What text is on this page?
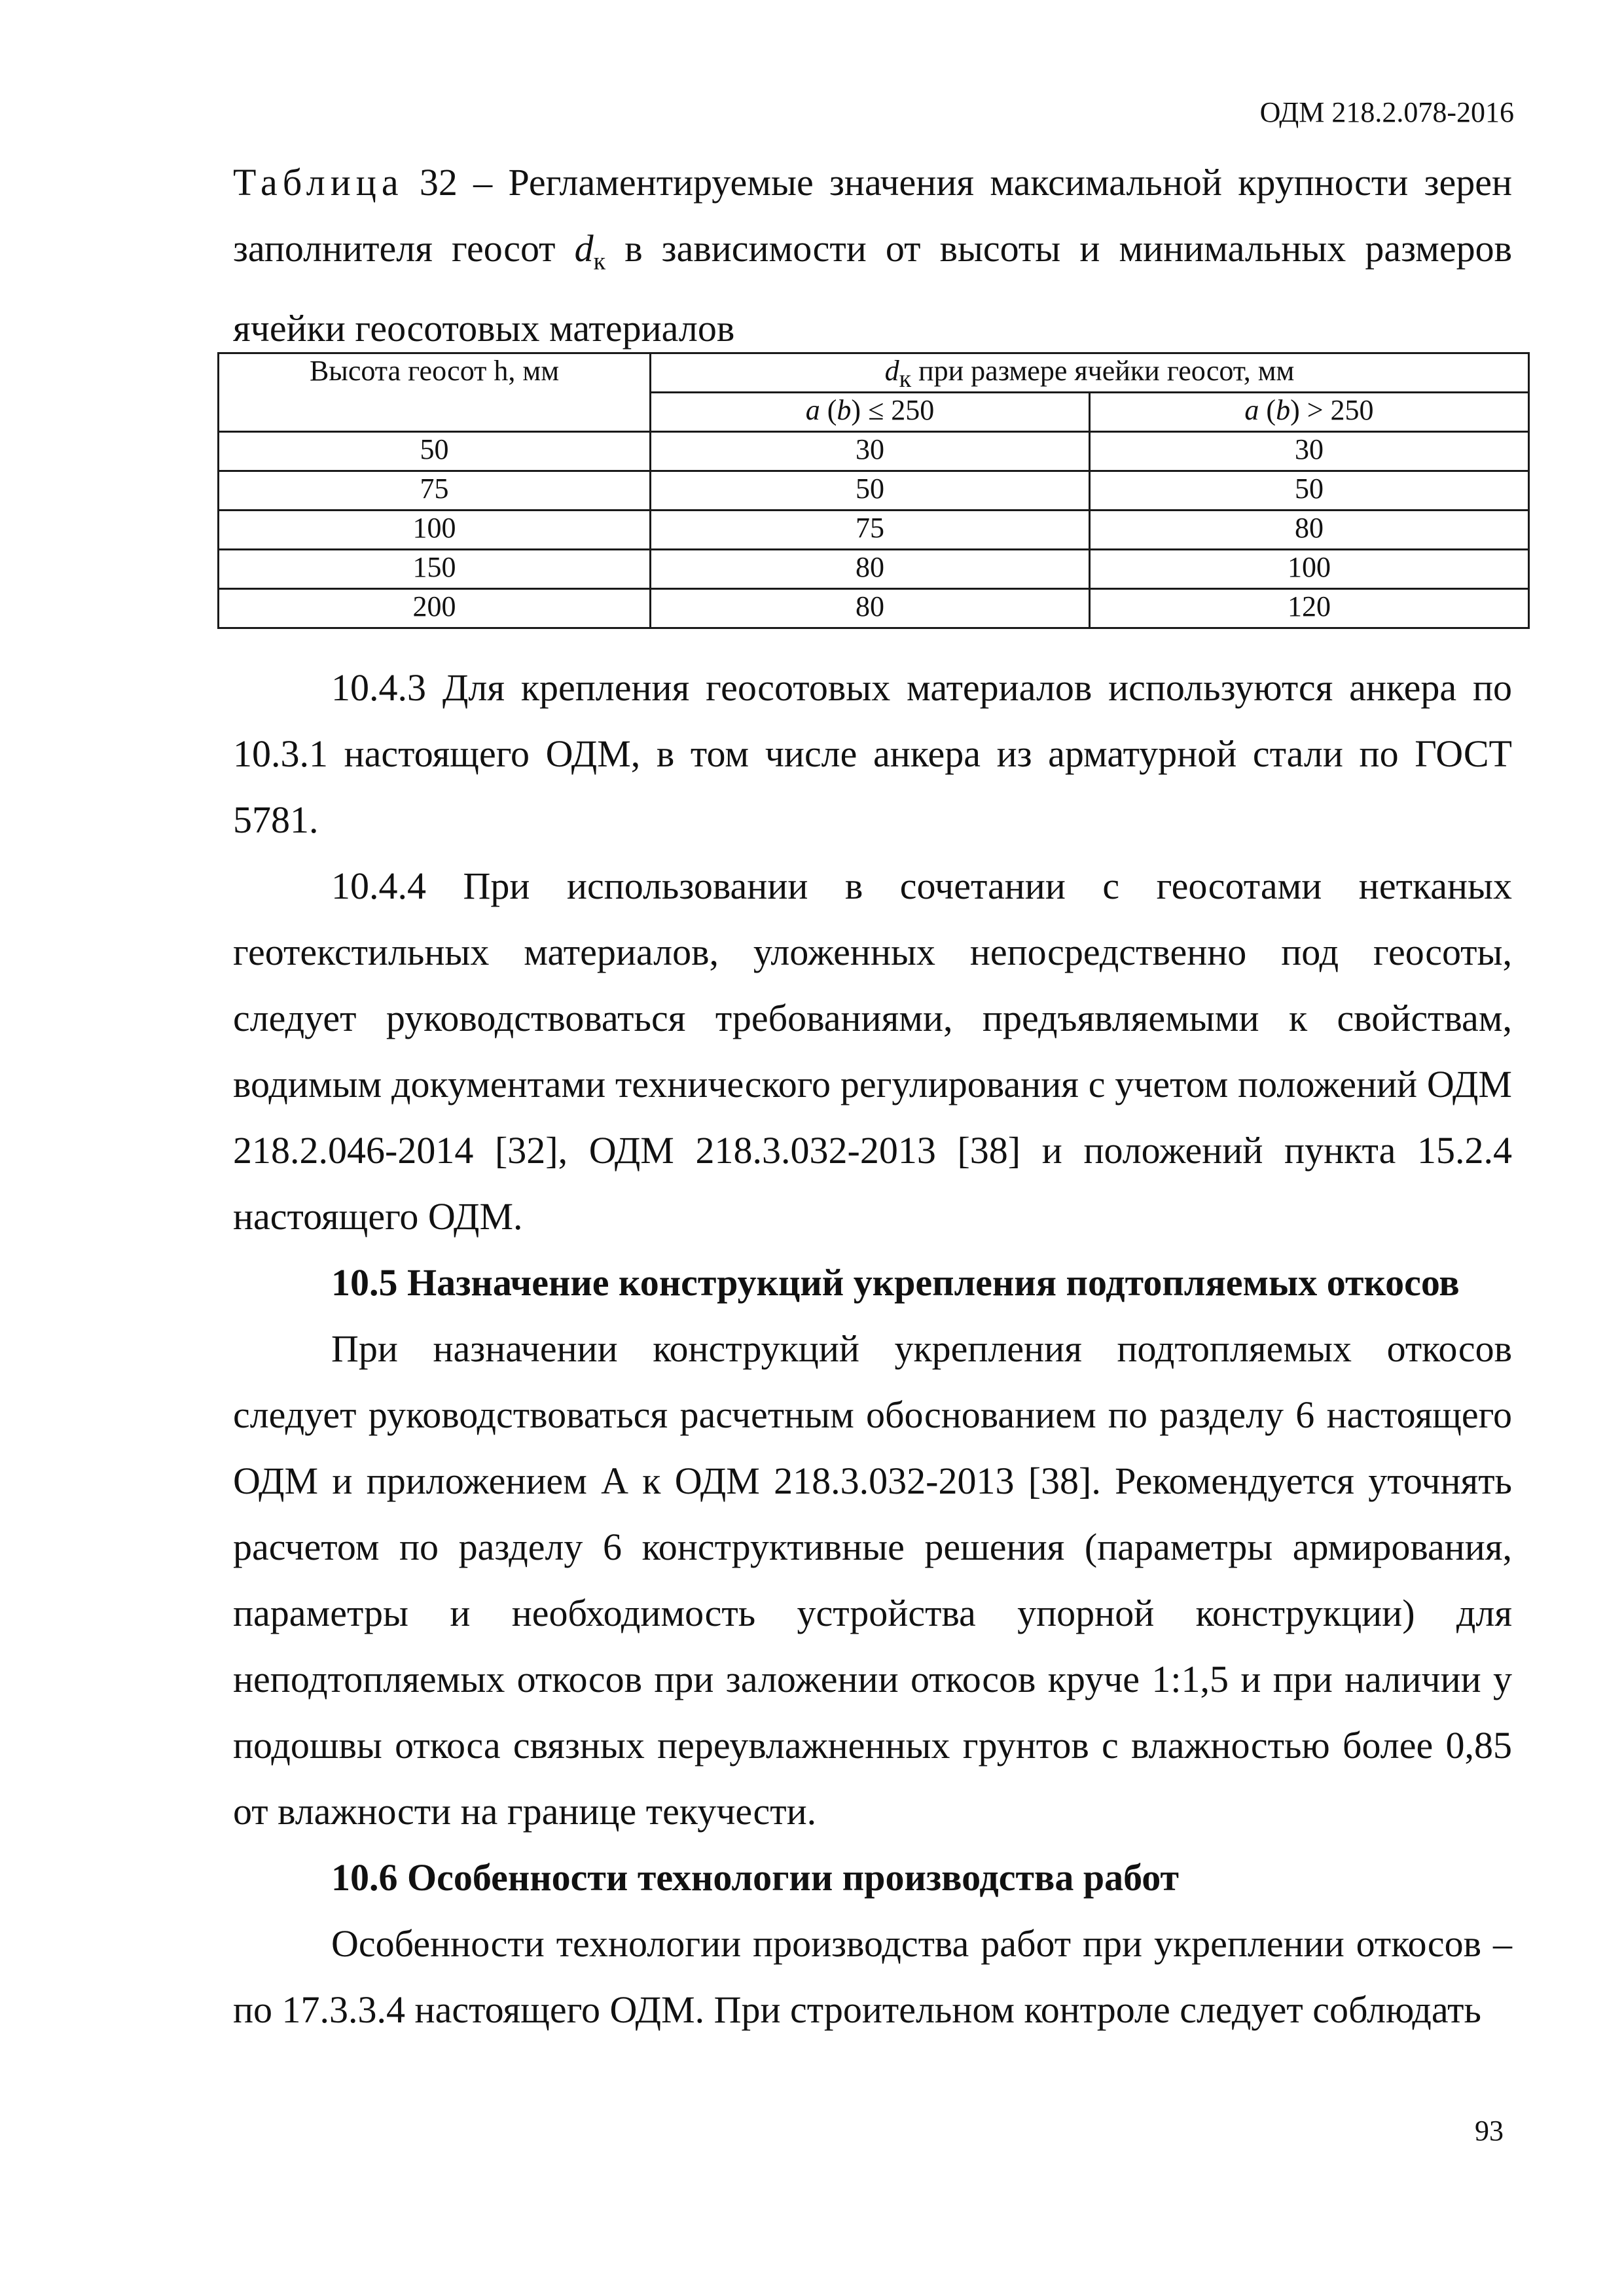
ОДМ 218.2.078-2016
Таблица 32 – Регламентируемые значения максимальной крупности зерен заполнителя геосот $d_к$ в зависимости от высоты и минимальных размеров ячейки геосотовых материалов
Высота геосот h, мм	$d_к$ при размере ячейки геосот, мм	
	a (b) ≤ 250	a (b) > 250
50	30	30
75	50	50
100	75	80
150	80	100
200	80	120

10.4.3 Для крепления геосотовых материалов используются анкера по 10.3.1 настоящего ОДМ, в том числе анкера из арматурной стали по ГОСТ 5781.

10.4.4 При использовании в сочетании с геосотами нетканых геотекстильных материалов, уложенных непосредственно под геосоты, следует руководствоваться требованиями, предъявляемыми к свойствам, водимым документами технического регулирования с учетом положений ОДМ 218.2.046-2014 [32], ОДМ 218.3.032-2013 [38] и положений пункта 15.2.4 настоящего ОДМ.

10.5 Назначение конструкций укрепления подтопляемых откосов

При назначении конструкций укрепления подтопляемых откосов следует руководствоваться расчетным обоснованием по разделу 6 настоящего ОДМ и приложением А к ОДМ 218.3.032-2013 [38]. Рекомендуется уточнять расчетом по разделу 6 конструктивные решения (параметры армирования, параметры и необходимость устройства упорной конструкции) для неподтопляемых откосов при заложении откосов круче 1:1,5 и при наличии у подошвы откоса связных переувлажненных грунтов с влажностью более 0,85 от влажности на границе текучести.

10.6 Особенности технологии производства работ

Особенности технологии производства работ при укреплении откосов – по 17.3.3.4 настоящего ОДМ. При строительном контроле следует соблюдать

93
